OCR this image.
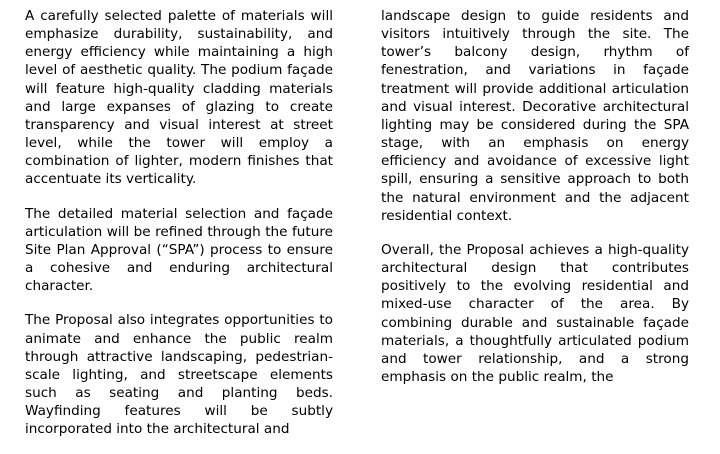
A carefully selected palette of materials will emphasize durability, sustainability, and energy efficiency while maintaining a high level of aesthetic quality. The podium façade will feature high-quality cladding materials and large expanses of glazing to create transparency and visual interest at street level, while the tower will employ a combination of lighter, modern finishes that accentuate its verticality.

The detailed material selection and façade articulation will be refined through the future Site Plan Approval (“SPA”) process to ensure a cohesive and enduring architectural character.

The Proposal also integrates opportunities to animate and enhance the public realm through attractive landscaping, pedestrian-scale lighting, and streetscape elements such as seating and planting beds. Wayfinding features will be subtly incorporated into the architectural and

landscape design to guide residents and visitors intuitively through the site. The tower’s balcony design, rhythm of fenestration, and variations in façade treatment will provide additional articulation and visual interest. Decorative architectural lighting may be considered during the SPA stage, with an emphasis on energy efficiency and avoidance of excessive light spill, ensuring a sensitive approach to both the natural environment and the adjacent residential context.

Overall, the Proposal achieves a high-quality architectural design that contributes positively to the evolving residential and mixed-use character of the area. By combining durable and sustainable façade materials, a thoughtfully articulated podium and tower relationship, and a strong emphasis on the public realm, the
